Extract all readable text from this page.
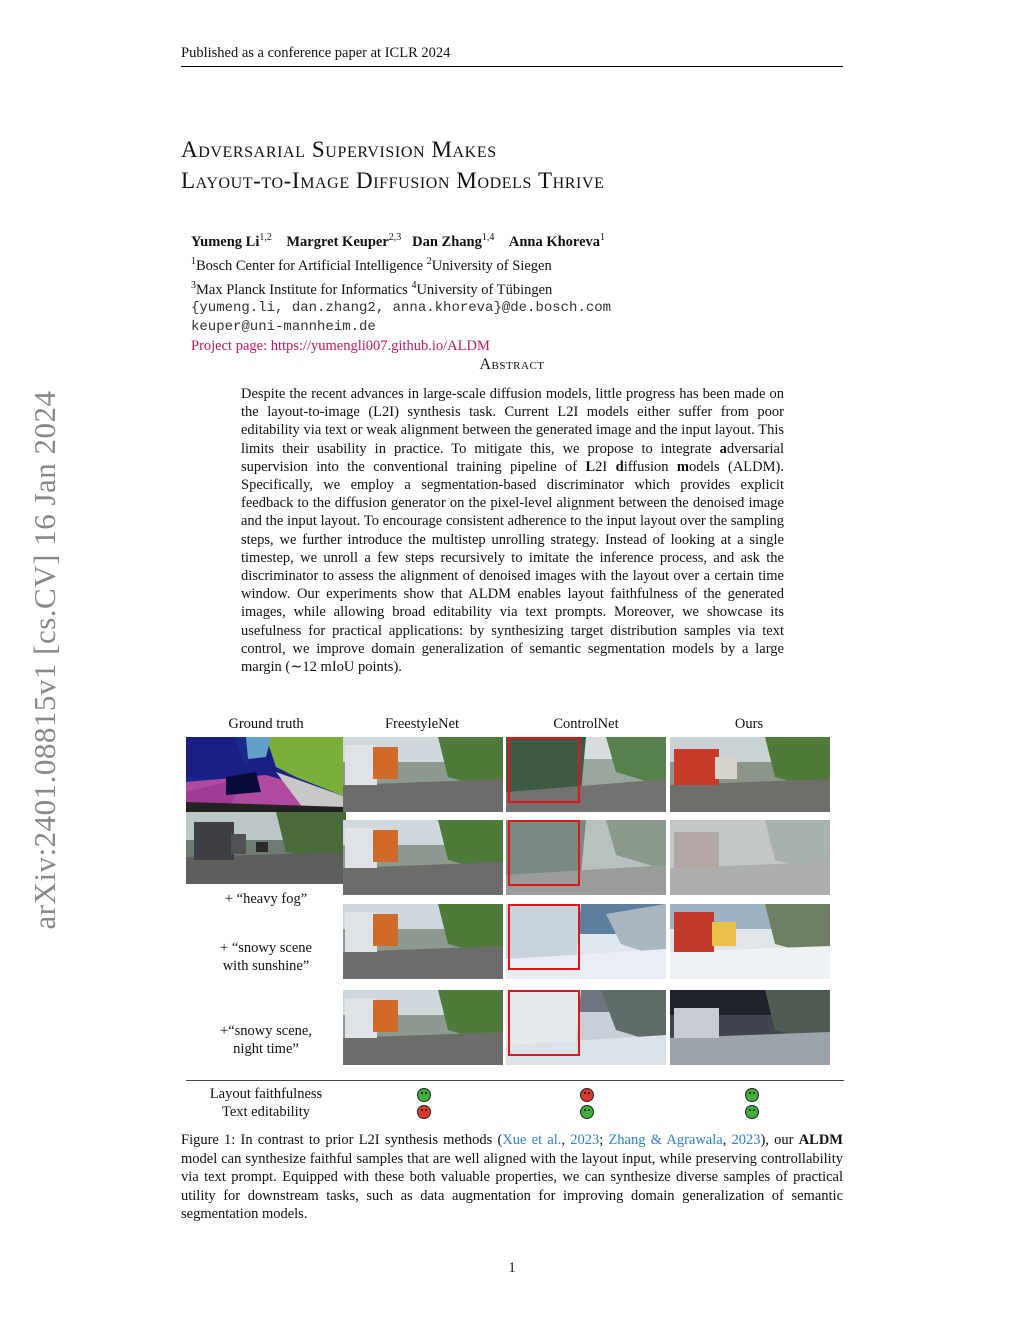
Published as a conference paper at ICLR 2024
arXiv:2401.08815v1 [cs.CV] 16 Jan 2024
Adversarial Supervision Makes
Layout-to-Image Diffusion Models Thrive
Yumeng Li$^{1,2}$ Margret Keuper$^{2,3}$ Dan Zhang$^{1,4}$ Anna Khoreva$^1$
$^1$Bosch Center for Artificial Intelligence $^2$University of Siegen
$^3$Max Planck Institute for Informatics $^4$University of Tübingen
{yumeng.li, dan.zhang2, anna.khoreva}@de.bosch.com
keuper@uni-mannheim.de
Project page: https://yumengli007.github.io/ALDM
Abstract
Despite the recent advances in large-scale diffusion models, little progress has been made on the layout-to-image (L2I) synthesis task. Current L2I models either suffer from poor editability via text or weak alignment between the generated image and the input layout. This limits their usability in practice. To mitigate this, we propose to integrate adversarial supervision into the conventional training pipeline of L2I diffusion models (ALDM). Specifically, we employ a segmentation-based discriminator which provides explicit feedback to the diffusion generator on the pixel-level alignment between the denoised image and the input layout. To encourage consistent adherence to the input layout over the sampling steps, we further introduce the multistep unrolling strategy. Instead of looking at a single timestep, we unroll a few steps recursively to imitate the inference process, and ask the discriminator to assess the alignment of denoised images with the layout over a certain time window. Our experiments show that ALDM enables layout faithfulness of the generated images, while allowing broad editability via text prompts. Moreover, we showcase its usefulness for practical applications: by synthesizing target distribution samples via text control, we improve domain generalization of semantic segmentation models by a large margin (∼12 mIoU points).
Ground truth	FreestyleNet	ControlNet	Ours
+ “heavy fog”
+ “snowy scene
with sunshine”
+“snowy scene,
night time”
Layout faithfulness
Text editability
Figure 1: In contrast to prior L2I synthesis methods (Xue et al., 2023; Zhang & Agrawala, 2023), our ALDM model can synthesize faithful samples that are well aligned with the layout input, while preserving controllability via text prompt. Equipped with these both valuable properties, we can synthesize diverse samples of practical utility for downstream tasks, such as data augmentation for improving domain generalization of semantic segmentation models.
1
